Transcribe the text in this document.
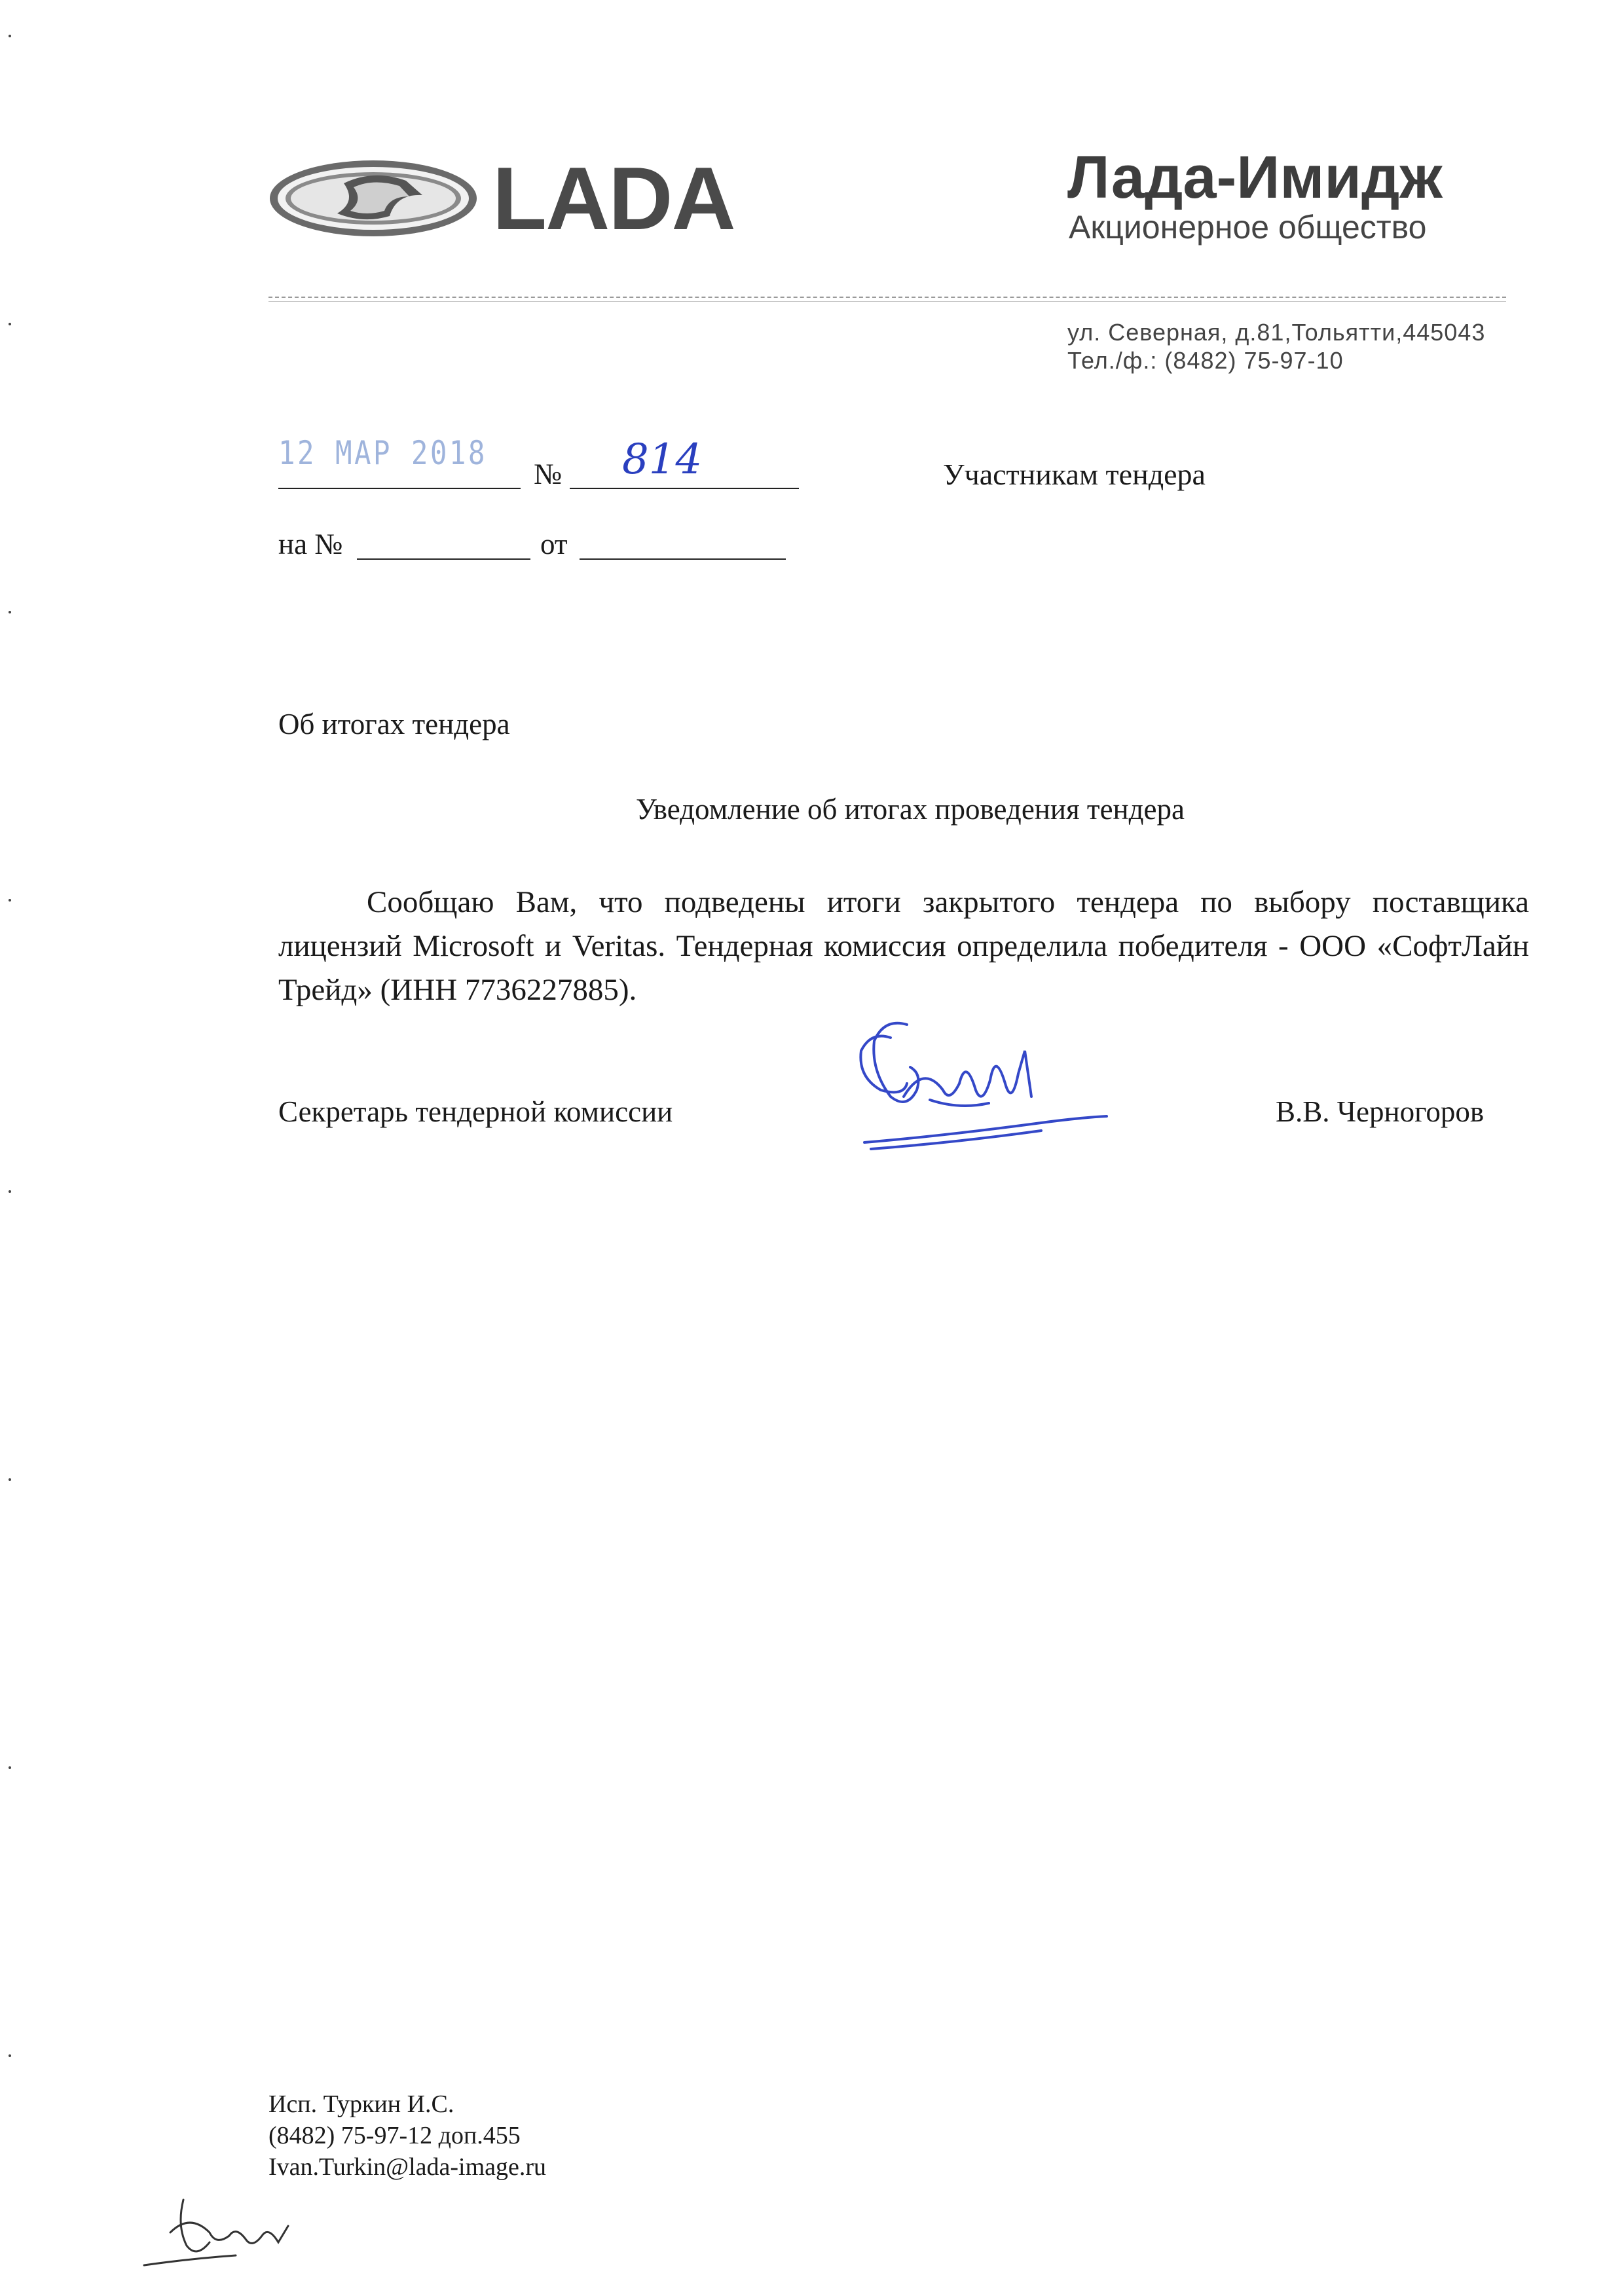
LADA	Лада-Имидж
Акционерное общество
ул. Северная, д.81,Тольятти,445043
Тел./ф.: (8482) 75-97-10
12 МАР 2018
№ 814	Участникам тендера
на №	от
Об итогах тендера
Уведомление об итогах проведения тендера
Сообщаю Вам, что подведены итоги закрытого тендера по выбору поставщика лицензий Microsoft и Veritas. Тендерная комиссия определила победителя - ООО «СофтЛайн Трейд» (ИНН 7736227885).
Секретарь тендерной комиссии	В.В. Черногоров
Исп. Туркин И.С.
(8482) 75-97-12 доп.455
Ivan.Turkin@lada-image.ru
